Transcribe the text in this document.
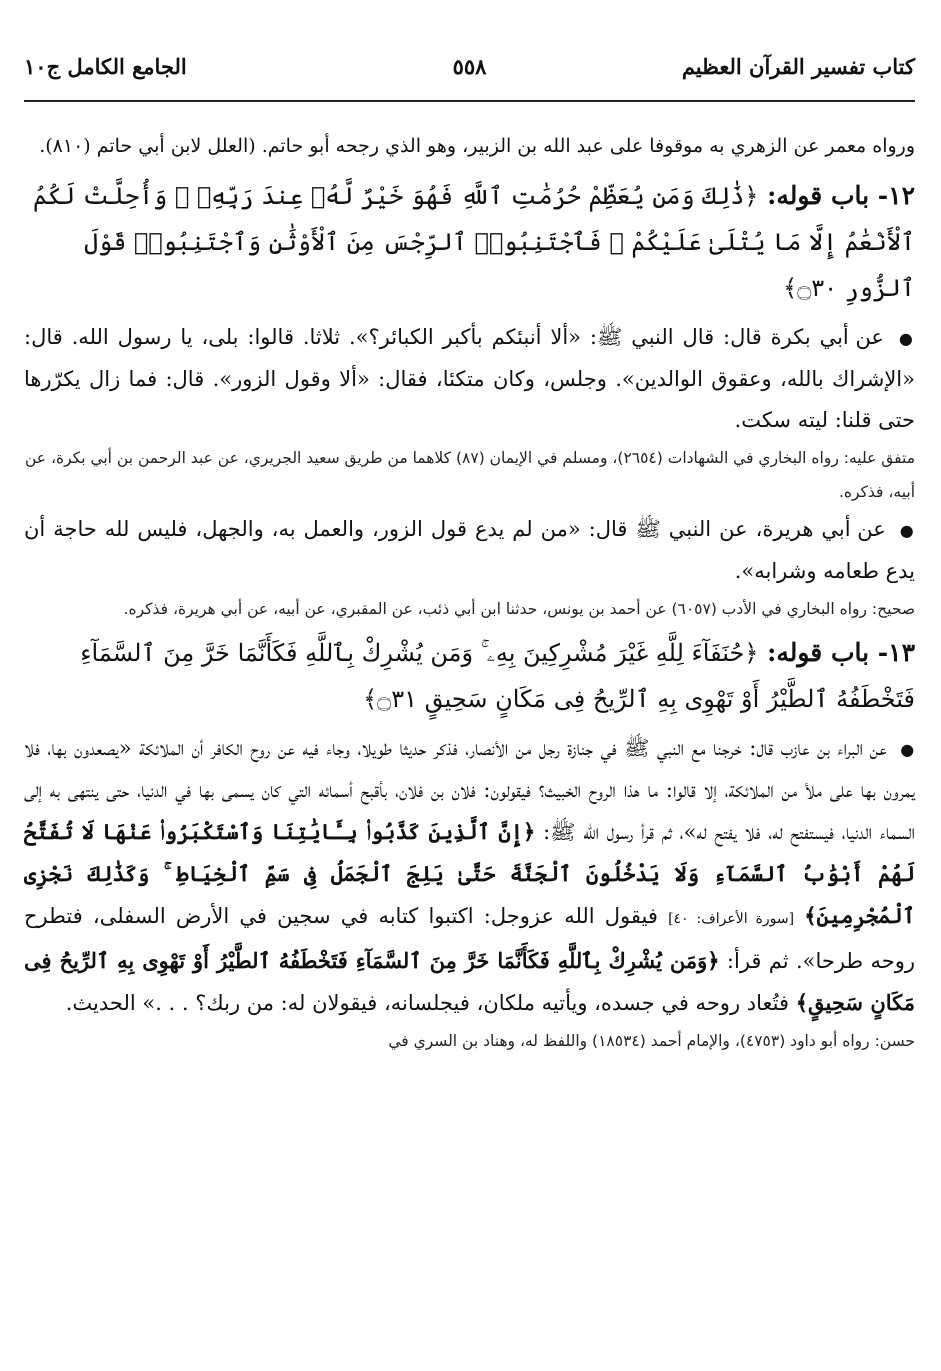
كتاب تفسير القرآن العظيم
٥٥٨
الجامع الكامل ج١٠

ورواه معمر عن الزهري به موقوفا على عبد الله بن الزبير، وهو الذي رجحه أبو حاتم. (العلل لابن أبي حاتم (٨١٠).

١٢- باب قوله: ﴿ذَٰلِكَ وَمَن يُعَظِّمْ حُرُمَٰتِ ٱللَّهِ فَهُوَ خَيْرٌ لَّهُۥ عِندَ رَبِّهِۦ ۗ وَأُحِلَّتْ لَكُمُ ٱلْأَنْعَٰمُ إِلَّا مَا يُتْلَىٰ عَلَيْكُمْ ۖ فَٱجْتَنِبُوا۟ ٱلرِّجْسَ مِنَ ٱلْأَوْثَٰنِ وَٱجْتَنِبُوا۟ قَوْلَ ٱلزُّورِ ۝٣٠﴾

● عن أبي بكرة قال: قال النبي ﷺ: «ألا أنبئكم بأكبر الكبائر؟». ثلاثا. قالوا: بلى، يا رسول الله. قال: «الإشراك بالله، وعقوق الوالدين». وجلس، وكان متكئا، فقال: «ألا وقول الزور». قال: فما زال يكرّرها حتى قلنا: ليته سكت.

متفق عليه: رواه البخاري في الشهادات (٢٦٥٤)، ومسلم في الإيمان (٨٧) كلاهما من طريق سعيد الجريري، عن عبد الرحمن بن أبي بكرة، عن أبيه، فذكره.

● عن أبي هريرة، عن النبي ﷺ قال: «من لم يدع قول الزور، والعمل به، والجهل، فليس لله حاجة أن يدع طعامه وشرابه».

صحيح: رواه البخاري في الأدب (٦٠٥٧) عن أحمد بن يونس، حدثنا ابن أبي ذئب، عن المقبري، عن أبيه، عن أبي هريرة، فذكره.

١٣- باب قوله: ﴿حُنَفَآءَ لِلَّهِ غَيْرَ مُشْرِكِينَ بِهِۦ ۚ وَمَن يُشْرِكْ بِٱللَّهِ فَكَأَنَّمَا خَرَّ مِنَ ٱلسَّمَآءِ فَتَخْطَفُهُ ٱلطَّيْرُ أَوْ تَهْوِى بِهِ ٱلرِّيحُ فِى مَكَانٍ سَحِيقٍ ۝٣١﴾

● عن البراء بن عازب قال: خرجنا مع النبي ﷺ في جنازة رجل من الأنصار، فذكر حديثا طويلا، وجاء فيه عن روح الكافر أن الملائكة «يصعدون بها، فلا يمرون بها على ملأ من الملائكة، إلا قالوا: ما هذا الروح الخبيث؟ فيقولون: فلان بن فلان، بأقبح أسمائه التي كان يسمى بها في الدنيا، حتى ينتهى به إلى السماء الدنيا، فيستفتح له، فلا يفتح له»، ثم قرأ رسول الله ﷺ: ﴿إِنَّ ٱلَّذِينَ كَذَّبُوا۟ بِـَٔايَٰتِنَا وَٱسْتَكْبَرُوا۟ عَنْهَا لَا تُفَتَّحُ لَهُمْ أَبْوَٰبُ ٱلسَّمَآءِ وَلَا يَدْخُلُونَ ٱلْجَنَّةَ حَتَّىٰ يَلِجَ ٱلْجَمَلُ فِى سَمِّ ٱلْخِيَاطِ ۚ وَكَذَٰلِكَ نَجْزِى ٱلْمُجْرِمِينَ﴾ [سورة الأعراف: ٤٠] فيقول الله عزوجل: اكتبوا كتابه في سجين في الأرض السفلى، فتطرح روحه طرحا». ثم قرأ: ﴿وَمَن يُشْرِكْ بِٱللَّهِ فَكَأَنَّمَا خَرَّ مِنَ ٱلسَّمَآءِ فَتَخْطَفُهُ ٱلطَّيْرُ أَوْ تَهْوِى بِهِ ٱلرِّيحُ فِى مَكَانٍ سَحِيقٍ﴾ فتُعاد روحه في جسده، ويأتيه ملكان، فيجلسانه، فيقولان له: من ربك؟ . . .» الحديث.

حسن: رواه أبو داود (٤٧٥٣)، والإمام أحمد (١٨٥٣٤) واللفظ له، وهناد بن السري في
